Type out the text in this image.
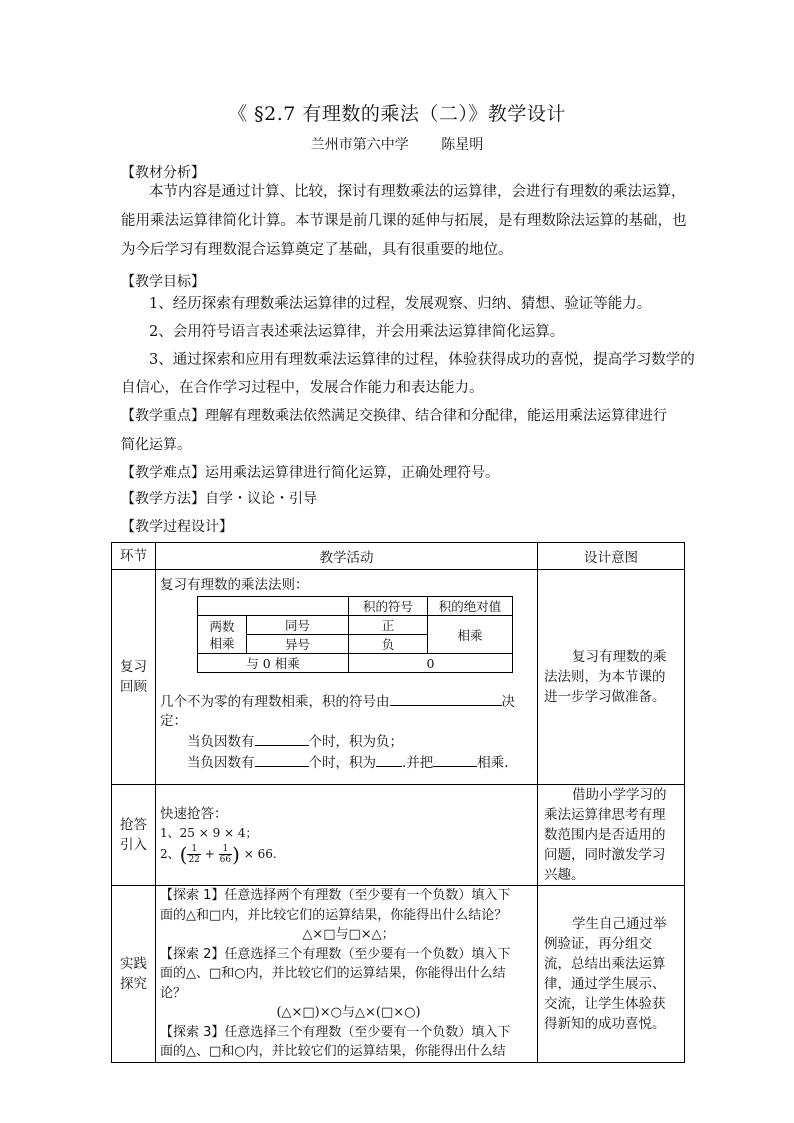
《 §2.7 有理数的乘法（二）》教学设计
兰州市第六中学 陈星明
【教材分析】
本节内容是通过计算、比较，探讨有理数乘法的运算律，会进行有理数的乘法运算，
能用乘法运算律简化计算。本节课是前几课的延伸与拓展，是有理数除法运算的基础，也
为今后学习有理数混合运算奠定了基础，具有很重要的地位。
【教学目标】
1、经历探索有理数乘法运算律的过程，发展观察、归纳、猜想、验证等能力。
2、会用符号语言表述乘法运算律，并会用乘法运算律简化运算。
3、通过探索和应用有理数乘法运算律的过程，体验获得成功的喜悦，提高学习数学的
自信心，在合作学习过程中，发展合作能力和表达能力。
【教学重点】理解有理数乘法依然满足交换律、结合律和分配律，能运用乘法运算律进行
简化运算。
【教学难点】运用乘法运算律进行简化运算，正确处理符号。
【教学方法】自学・议论・引导
【教学过程设计】
环节	教学活动	设计意图

复习回顾

复习有理数的乘法法则：
	积的符号	积的绝对值

两数相乘
	同号	正	相乘
异号	负
与 0 相乘	0
几个不为零的有理数相乘，积的符号由	决
定：
当负因数有	个时，积为负；
当负因数有	个时，积为 .并把	相乘.

复习有理数的乘法法则，为本节课的进一步学习做准备。

抢答引入

快速抢答：
1、25 × 9 × 4；
2、( $\frac{1}{22} + \frac{1}{66}$ ) × 66.

借助小学学习的乘法运算律思考有理数范围内是否适用的问题，同时激发学习兴趣。

实践探究

【探索 1】任意选择两个有理数（至少要有一个负数）填入下
面的△和□内，并比较它们的运算结果，你能得出什么结论？
△×□与□×△；
【探索 2】任意选择三个有理数（至少要有一个负数）填入下
面的△、□和○内，并比较它们的运算结果，你能得出什么结
论？
(△×□)×○与△×(□×○)
【探索 3】任意选择三个有理数（至少要有一个负数）填入下
面的△、□和○内，并比较它们的运算结果，你能得出什么结

学生自己通过举例验证，再分组交流，总结出乘法运算律，通过学生展示、交流，让学生体验获得新知的成功喜悦。
